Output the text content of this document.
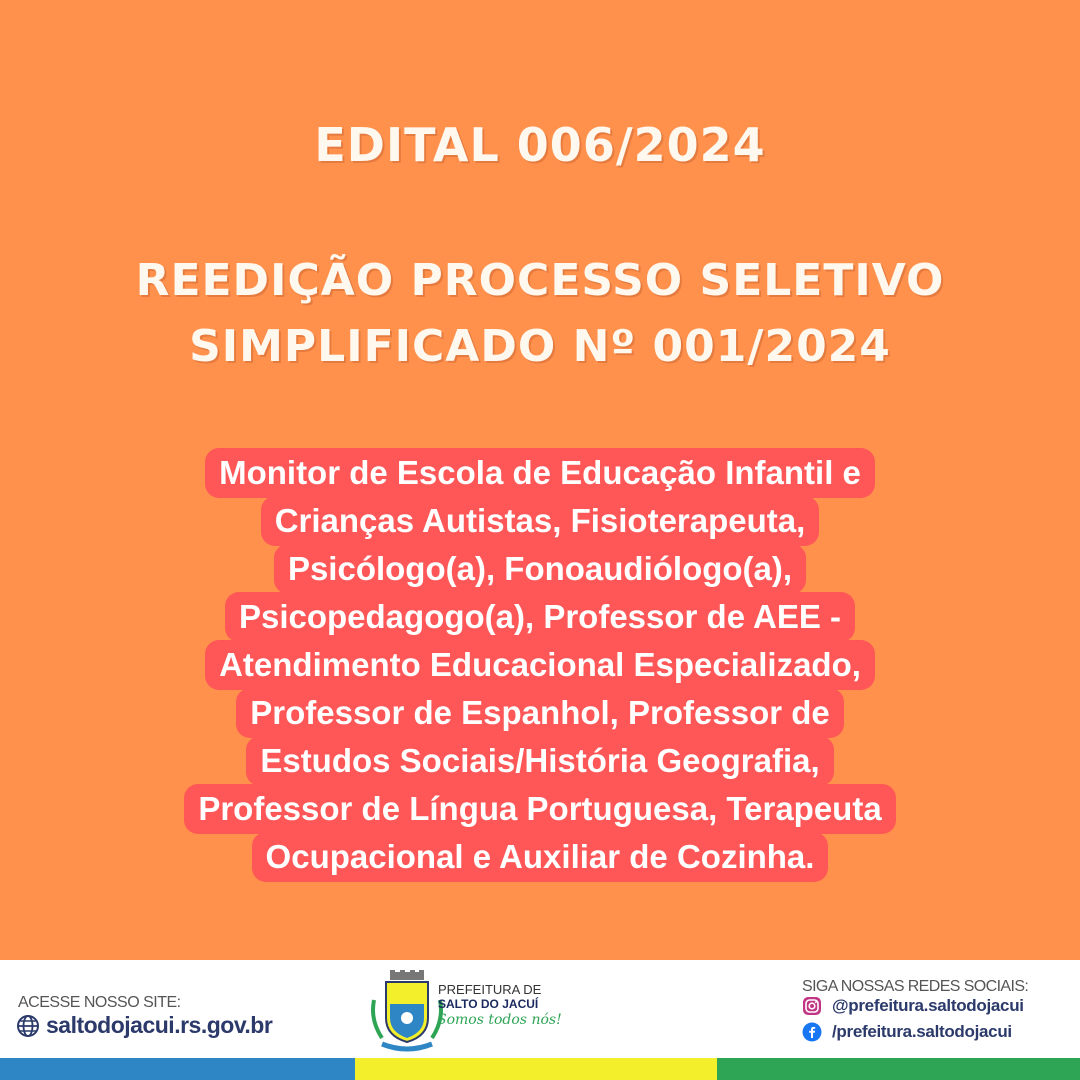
EDITAL 006/2024
REEDIÇÃO PROCESSO SELETIVO
SIMPLIFICADO Nº 001/2024
Monitor de Escola de Educação Infantil e
Crianças Autistas, Fisioterapeuta,
Psicólogo(a), Fonoaudiólogo(a),
Psicopedagogo(a), Professor de AEE -
Atendimento Educacional Especializado,
Professor de Espanhol, Professor de
Estudos Sociais/História Geografia,
Professor de Língua Portuguesa, Terapeuta
Ocupacional e Auxiliar de Cozinha.
ACESSE NOSSO SITE:
saltodojacui.rs.gov.br
PREFEITURA DE
SALTO DO JACUÍ
Somos todos nós!
SIGA NOSSAS REDES SOCIAIS:
@prefeitura.saltodojacui
/prefeitura.saltodojacui
